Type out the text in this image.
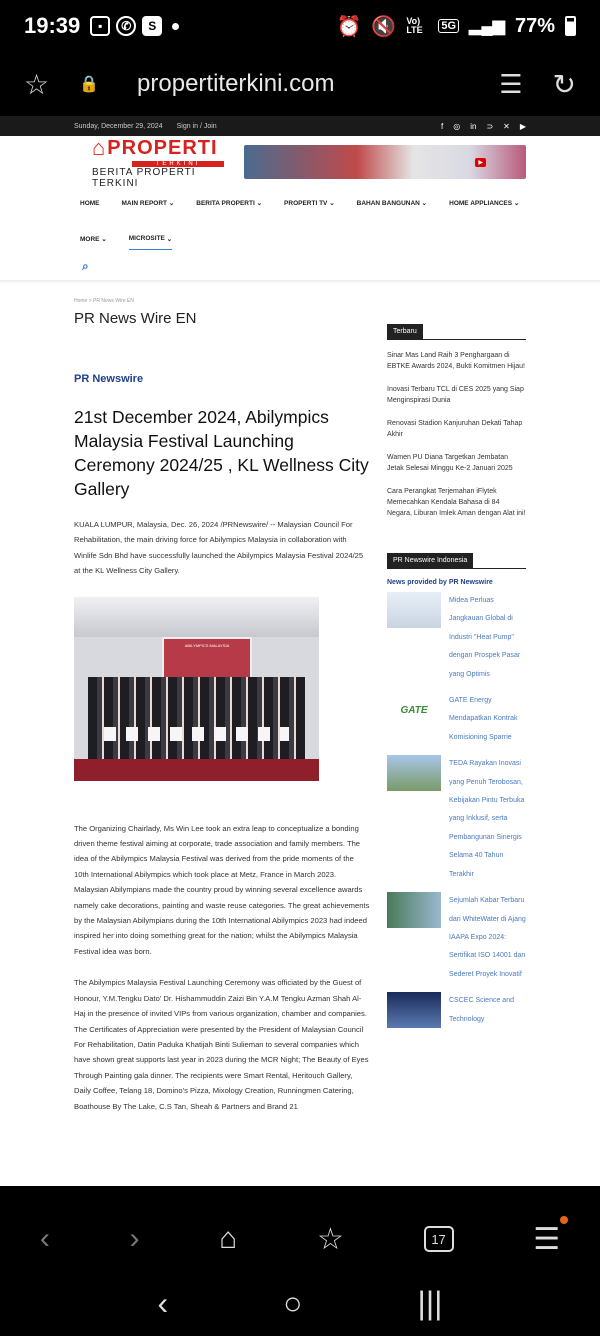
19:39	▪	✆	S	⏰ 🔇 Vo) LTE	5G ▂▄▆ 77%
☆ 🔒 propertiterkini.com	☰ ↻
Sunday, December 29, 2024 Sign in / Join	f ◎ in ⊃ ✕ ▶
⌂ PROPERTI
TERKINI
BERITA PROPERTI TERKINI
▶
HOME	MAIN REPORT
⌄	BERITA PROPERTI
⌄	PROPERTI TV
⌄	BAHAN BANGUNAN
⌄	HOME APPLIANCES
⌄
MORE
⌄	MICROSITE
⌄
⌕
Home > PR News Wire EN
PR News Wire EN
PR Newswire
21st December 2024, Abilympics Malaysia Festival Launching Ceremony 2024/25 , KL Wellness City Gallery

KUALA LUMPUR, Malaysia, Dec. 26, 2024 /PRNewswire/ -- Malaysian Council For Rehabilitation, the main driving force for Abilympics Malaysia in collaboration with Winlife Sdn Bhd have successfully launched the Abilympics Malaysia Festival 2024/25 at the KL Wellness City Gallery.

ABILYMPICS MALAYSIA

The Organizing Chairlady, Ms Win Lee took an extra leap to conceptualize a bonding driven theme festival aiming at corporate, trade association and family members. The idea of the Abilympics Malaysia Festival was derived from the pride moments of the 10th International Abilympics which took place at Metz, France in March 2023. Malaysian Abilympians made the country proud by winning several excellence awards namely cake decorations, painting and waste reuse categories. The great achievements by the Malaysian Abilympians during the 10th International Abilympics 2023 had indeed inspired her into doing something great for the nation; whilst the Abilympics Malaysia Festival idea was born.

The Abilympics Malaysia Festival Launching Ceremony was officiated by the Guest of Honour, Y.M.Tengku Dato' Dr. Hishammuddin Zaizi Bin Y.A.M Tengku Azman Shah Al-Haj in the presence of invited VIPs from various organization, chamber and companies. The Certificates of Appreciation were presented by the President of Malaysian Council For Rehabilitation, Datin Paduka Khatijah Binti Sulieman to several companies which have shown great supports last year in 2023 during the MCR Night; The Beauty of Eyes Through Painting gala dinner. The recipients were Smart Rental, Heritouch Gallery, Daily Coffee, Telang 18, Domino's Pizza, Mixology Creation, Runningmen Catering, Boathouse By The Lake, C.S Tan, Sheah & Partners and Brand 21

Terbaru
Sinar Mas Land Raih 3 Penghargaan di EBTKE Awards 2024, Bukti Komitmen Hijau!
Inovasi Terbaru TCL di CES 2025 yang Siap Menginspirasi Dunia
Renovasi Stadion Kanjuruhan Dekati Tahap Akhir
Wamen PU Diana Targetkan Jembatan Jetak Selesai Minggu Ke-2 Januari 2025
Cara Perangkat Terjemahan iFlytek Memecahkan Kendala Bahasa di 84 Negara, Liburan Imlek Aman dengan Alat ini!
PR Newswire Indonesia
News provided by PR Newswire
Midea Perluas Jangkauan Global di Industri "Heat Pump" dengan Prospek Pasar yang Optimis
GATE
GATE Energy Mendapatkan Kontrak Komisioning Sparrie
TEDA Rayakan Inovasi yang Penuh Terobosan, Kebijakan Pintu Terbuka yang Inklusif, serta Pembangunan Sinergis Selama 40 Tahun Terakhir
Sejumlah Kabar Terbaru dari WhiteWater di Ajang IAAPA Expo 2024: Sertifikat ISO 14001 dan Sederet Proyek Inovatif
CSCEC Science and Technology
‹	›	⌂	☆	17	☰
‹	○	|||
